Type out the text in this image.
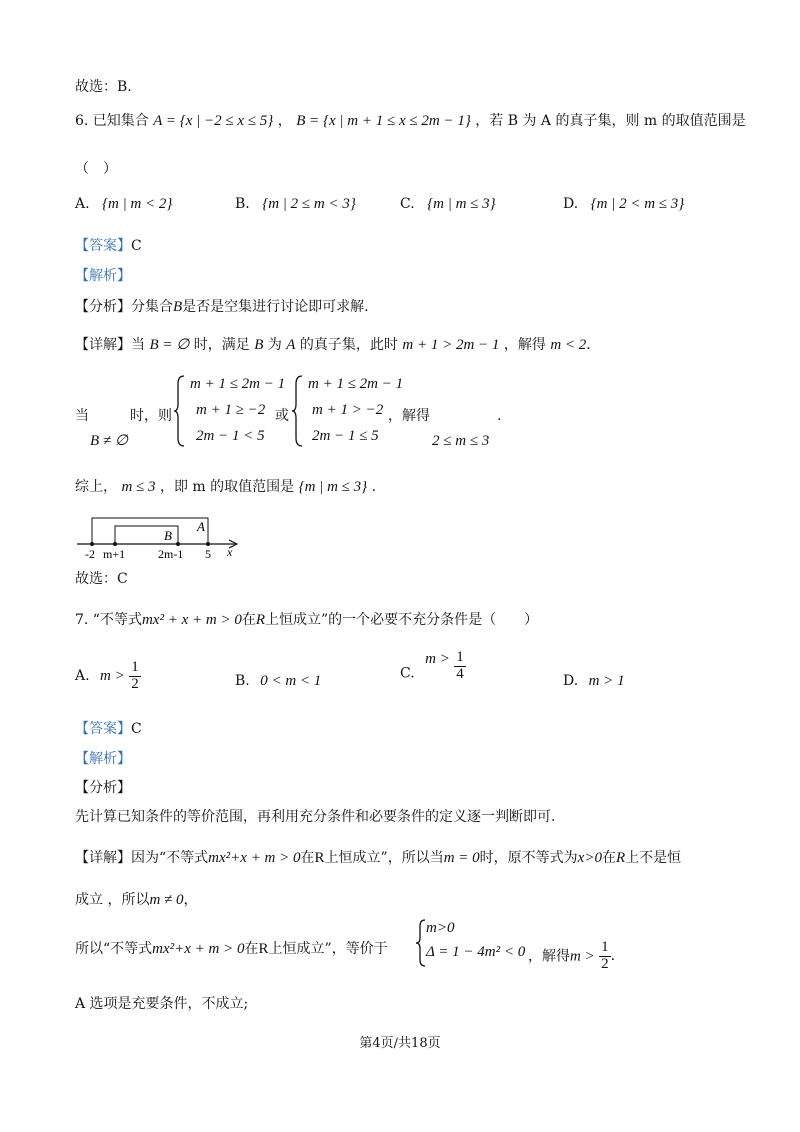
故选：B.
6. 已知集合 A = {x | −2 ≤ x ≤ 5} ， B = {x | m + 1 ≤ x ≤ 2m − 1} ，若 B 为 A 的真子集，则 m 的取值范围是
（　）
A. {m | m < 2}	B. {m | 2 ≤ m < 3}	C. {m | m ≤ 3}	D. {m | 2 < m ≤ 3}
【答案】C
【解析】
【分析】分集合B是否是空集进行讨论即可求解.
【详解】当 B = ∅ 时，满足 B 为 A 的真子集，此时 m + 1 > 2m − 1 ，解得 m < 2.
当
B ≠ ∅
时，则
m + 1 ≤ 2m − 1
m + 1 ≥ −2
2m − 1 < 5
或
m + 1 ≤ 2m − 1
m + 1 > −2
2m − 1 ≤ 5
，解得
2 ≤ m ≤ 3
.
综上， m ≤ 3 ，即 m 的取值范围是 {m | m ≤ 3} .
B
A
-2 m+1	2m-1 5 x
故选：C
7. “不等式mx² + x + m > 0在R上恒成立”的一个必要不充分条件是（　　）
A. $m > \frac{1}{2}$	B. 0 < m < 1	C. $m > \frac{1}{4}$	D. m > 1
【答案】C
【解析】
【分析】
先计算已知条件的等价范围，再利用充分条件和必要条件的定义逐一判断即可.
【详解】因为“不等式mx²+x + m > 0在R上恒成立”，所以当m = 0时，原不等式为x>0在R上不是恒
成立 ，所以m ≠ 0，
所以“不等式mx²+x + m > 0在R上恒成立”，等价于
m>0
Δ = 1 − 4m² < 0 ，解得$m > \frac{1}{2}$ .
A 选项是充要条件，不成立;
第4页/共18页
